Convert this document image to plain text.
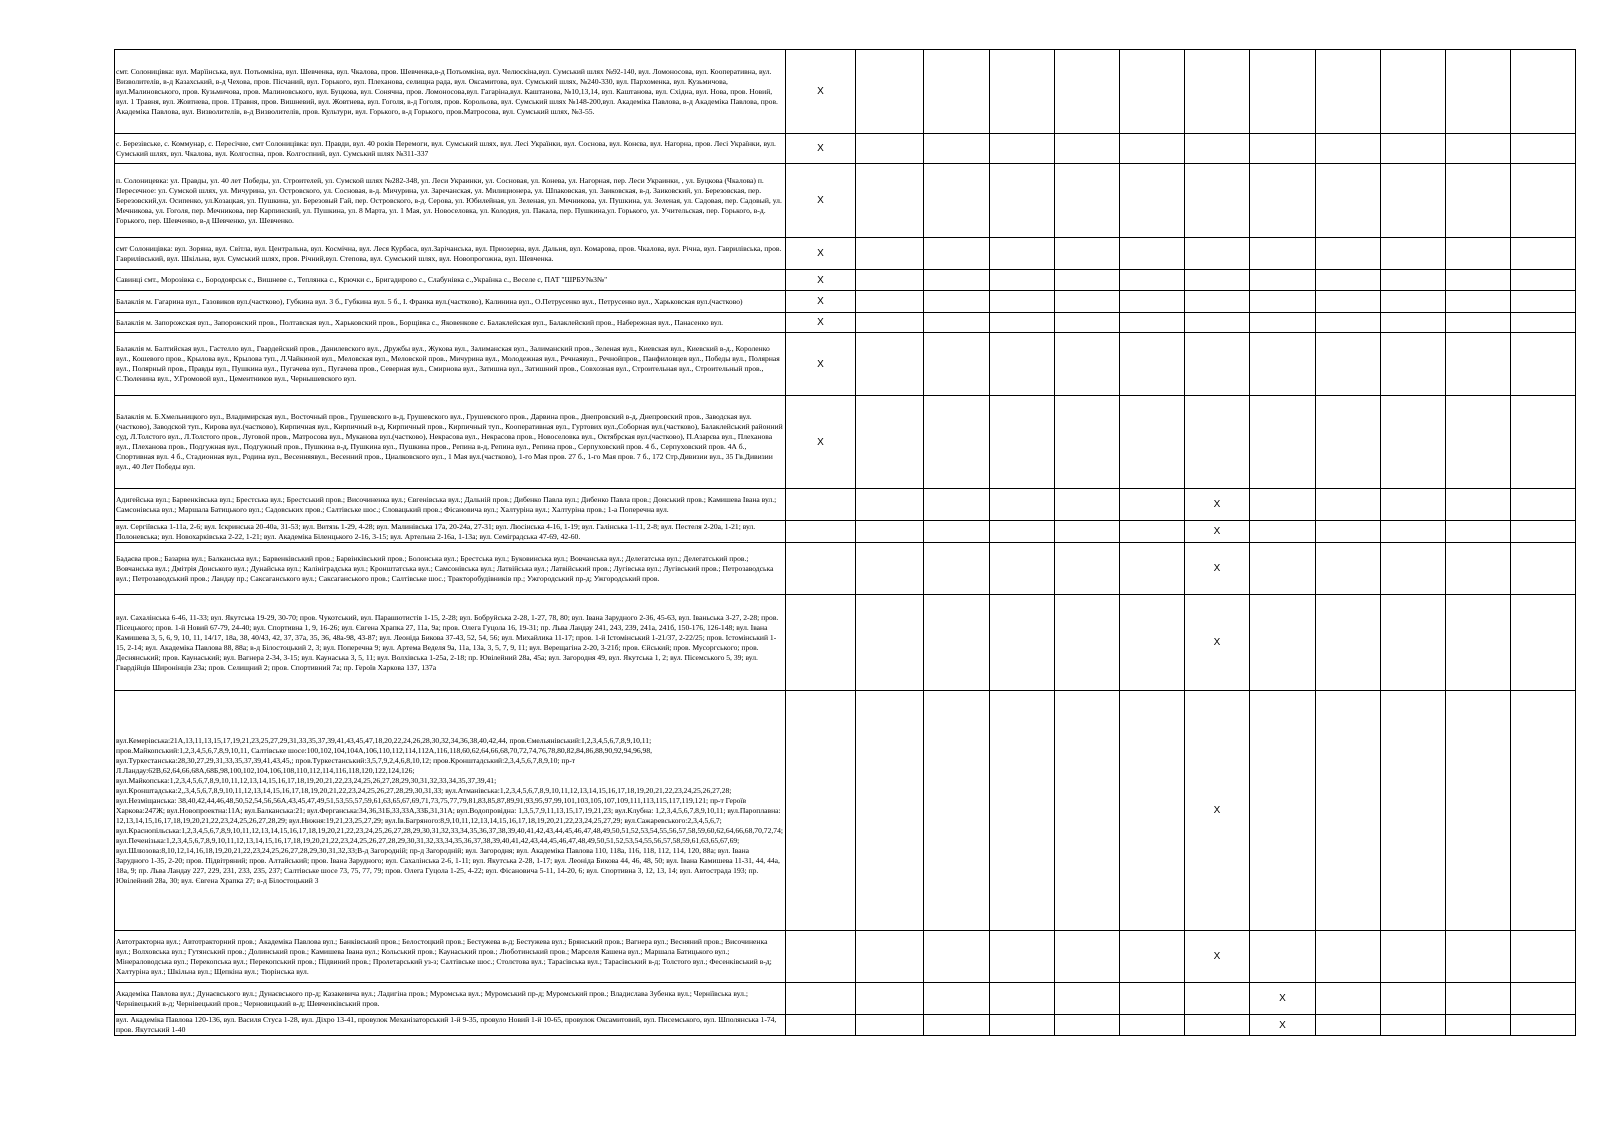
смт. Солоницівка: вул. Марїінська, вул. Потьомкіна, вул. Шевченка, вул. Чкалова, пров. Шевченка,в-д Потьомкіна, вул. Челюскіна,вул. Сумський шлях №92-140, вул. Ломоносова, вул. Кооперативна, вул. Визволителів, в-д Казахський, в-д Чехова, пров. Пісчаний, вул. Горького, вул. Плеханова, селищна рада, вул. Оксамитова, вул. Сумський шлях, №240-330, вул. Пархоменка, вул. Кузьмичова, вул.Малиновського, пров. Кузьмичова, пров. Малиновського, вул. Буцкова, вул. Сонячна, пров. Ломоносова,вул. Гагаріна,вул. Каштанова, №10,13,14, вул. Каштанова, вул. Східна, вул. Нова, пров. Новий, вул. 1 Травня, вул. Жовтнева, пров. 1Травня, пров. Вишневий, вул. Жовтнева, вул. Гоголя, в-д Гоголя, пров. Корольова, вул. Сумський шлях №148-200,вул. Академіка Павлова, в-д Академіка Павлова, пров. Академіка Павлова, вул. Визволителів, в-д Визволителів, пров. Культури, вул. Горького, в-д Горького, пров.Матросова, вул. Сумський шлях, №3-55.	X											
с. Березівське, с. Коммунар, с. Пересічне, смт Солоницівка: вул. Правди, вул. 40 років Перемоги, вул. Сумський шлях, вул. Лесі Українки, вул. Соснова, вул. Конєва, вул. Нагорна, пров. Лесі Українки, вул. Сумський шлях, вул. Чкалова, вул. Колгоспна, пров. Колгоспний, вул. Сумський шлях №311-337	X											
п. Солоницевка: ул. Правды, ул. 40 лет Победы, ул. Строителей, ул. Сумской шлях №282-348, ул. Леси Украинки, ул. Сосновая, ул. Конева, ул. Нагорная, пер. Леси Украинки, , ул. Буцкова (Чкалова) п. Пересечное: ул. Сумской шлях, ул. Мичурина, ул. Островского, ул. Сосновая, в-д. Мичурина, ул. Заречанская, ул. Милиционера, ул. Шпаковская, ул. Заиковская, в-д. Заиковский, ул. Березовская, пер. Березовский,ул. Осипенко, ул.Козацкая, ул. Пушкина, ул. Березовый Гай, пер. Островского, в-д. Серова, ул. Юбилейная, ул. Зеленая, ул. Мечникова, ул. Пушкина, ул. Зеленая, ул. Садовая, пер. Садовый, ул. Мечникова, ул. Гоголя, пер. Мечникова, пер Карпинский, ул. Пушкина, ул. 8 Марта, ул. 1 Мая, ул. Новоселовка, ул. Колодия, ул. Пакала, пер. Пушкина,ул. Горького, ул. Учительская, пер. Горького, в-д. Горького, пер. Шевченко, в-д Шевченко, ул. Шевченко.	X											
смт Солоницівка: вул. Зоряна, вул. Світла, вул. Центральна, вул. Космічна, вул. Леся Курбаса, вул.Зарічанська, вул. Приозерна, вул. Дальня, вул. Комарова, пров. Чкалова, вул. Річна, вул. Гаврилівська, пров. Гаврилівський, вул. Шкільна, вул. Сумський шлях, пров. Річний,вул. Степова, вул. Сумський шлях, вул. Новопрогожна, вул. Шевченка.	X											
Савинці смт., Морозівка с., Бородоярськ с., Вишневе с., Теплянка с., Крючки с., Бригадирово с., Слабунівка с.,Українка с., Веселе с, ПАТ "ШРБУ№3№"	X											
Балаклія м. Гагарина вул., Газовиков вул.(частково), Губкина вул. 3 б., Губкина вул. 5 б., І. Франка вул.(частково), Калинина вул., О.Петрусенко вул., Петрусенко вул., Харьковская вул.(частково)	X											
Балаклія м. Запорожская вул., Запорожский пров., Полтавская вул., Харьковский пров., Борщівка с., Яковенкове с. Балаклейская вул., Балаклейский пров., Набережная вул., Панасенко вул.	X											
Балаклія м. Балтийская вул., Гастелло вул., Гвардейский пров., Данилевского вул., Дружбы вул., Жукова вул., Залиманская вул., Залиманский пров., Зеленая вул., Киевская вул., Киевский в-д., Короленко вул., Кошевого пров., Крылова вул., Крылова туп., Л.Чайкиной вул., Меловская вул., Меловской пров., Мичурина вул., Молодежная вул., Речнаявул., Речнойпров., Панфиловцев вул., Победы вул., Полярная вул., Полярный пров., Правды вул., Пушкина вул., Пугачева вул., Пугачева пров., Северная вул., Смирнова вул., Затишна вул., Затишний пров., Совхозная вул., Строительная вул., Строительный пров., С.Тюленина вул., У.Громовой вул., Цементников вул., Чернышевского вул.	X											
Балаклія м. Б.Хмельницкого вул., Владимирская вул., Восточный пров., Грушевского в-д, Грушевского вул., Грушевского пров., Дарвина пров., Днепровский в-д, Днепровский пров., Заводская вул.(частково), Заводской туп., Кирова вул.(частково), Кирпичная вул., Кирпичный в-д, Кирпичный пров., Кирпичный туп., Кооперативная вул., Гуртових вул.,Соборная вул.(частково), Балаклейський районний суд, Л.Толстого вул., Л.Толстого пров., Луговой пров., Матросова вул., Муканова вул.(частково), Некрасова вул., Некрасова пров., Новоселовка вул., Октябрская вул.(частково), П.Азарєва вул., Плеханова вул., Плеханова пров., Подгужная вул., Подгужный пров., Пушкина в-д, Пушкина вул., Пушкина пров., Репина в-д, Репина вул., Репина пров., Серпуховский пров. 4 б., Серпуховский пров. 4А б., Спортивная вул. 4 б., Стадионная вул., Родина вул., Весенняявул., Весенний пров., Циалковского вул., 1 Мая вул.(частково), 1-го Мая пров. 27 б., 1-го Мая пров. 7 б., 172 Стр.Дивизии вул., 35 Гв.Дивизии вул., 40 Лет Победы вул.	X											
Адигейська вул.; Барвенківська вул.; Брестська вул.; Брестський пров.; Височиненка вул.; Євгенівська вул.; Дальній пров.; Дибенко Павла вул.; Дибенко Павла пров.; Донський пров.; Камишева Івана вул.; Самсонівська вул.; Маршала Батицького вул.; Садовських пров.; Салтівське шос.; Словацький пров.; Фісановича вул.; Халтуріна вул.; Халтуріна пров.; 1-а Поперечна вул.							X					
вул. Сергіївська 1-11а, 2-6; вул. Іскринська 20-40а, 31-53; вул. Витязь 1-29, 4-28; вул. Малинівська 17а, 20-24а, 27-31; вул. Люсінська 4-16, 1-19; вул. Галінська 1-11, 2-8; вул. Пестеля 2-20а, 1-21; вул. Полоневська; вул. Новохарківська 2-22, 1-21; вул. Академіка Біленцького 2-16, 3-15; вул. Артельна 2-16а, 1-13а; вул. Семіградська 47-69, 42-60.							X					
Бадаєва пров.; Базарна вул.; Балканська вул.; Барвенківський пров.; Барвінківський пров.; Болонська вул.; Брестська вул.; Буковинська вул.; Вовчанська вул.; Делегатська вул.; Делегатський пров.; Вовчанська вул.; Дмітрія Донського вул.; Дунайська вул.; Калініградська вул.; Кронштатська вул.; Самсонівська вул.; Латвійська вул.; Латвійський пров.; Лугівська вул.; Лугівський пров.; Петрозаводська вул.; Петрозаводський пров.; Ландау пр.; Саксаганського вул.; Саксаганського пров.; Салтівське шос.; Тракторобудівників пр.; Ужгородський пр-д; Ужгородський пров.							X					
вул. Сахалінська 6-46, 11-33; вул. Якутська 19-29, 30-70; пров. Чукотський, вул. Парашютистів 1-15, 2-28; вул. Бобруйська 2-28, 1-27, 78, 80; вул. Івана Зарудного 2-36, 45-63, вул. Іваньська 3-27, 2-28; пров. Пісецького; пров. 1-й Новий 67-79, 24-40; вул. Спортивна 1, 9, 16-26; вул. Євгена Храпка 27, 11а, 9а; пров. Олега Гуцола 16, 19-31; пр. Льва Ландау 241, 243, 239, 241а, 241б, 150-176, 126-148; вул. Івана Камишева 3, 5, 6, 9, 10, 11, 14/17, 18а, 38, 40/43, 42, 37, 37а, 35, 36, 48а-98, 43-87; вул. Леоніда Бикова 37-43, 52, 54, 56; вул. Михайлика 11-17; пров. 1-й Істомінський 1-21/37, 2-22/25; пров. Істомінський 1-15, 2-14; вул. Академіка Павлова 88, 88а; в-д Білостоцький 2, 3; вул. Поперечна 9; вул. Артема Веделя 9а, 11а, 13а, 3, 5, 7, 9, 11; вул. Верещагіна 2-20, 3-21б; пров. Єйський; пров. Мусоргського; пров. Деснянський; пров. Каунаський; вул. Вагнера 2-34, 3-15; вул. Каунаська 3, 5, 11; вул. Волхівська 1-25а, 2-18; пр. Ювілейний 28а, 45а; вул. Загородня 49, вул. Якутська 1, 2; вул. Пісемського 5, 39; вул. Гвардійців Широнінців 23а; пров. Селищний 2; пров. Спортивний 7а; пр. Героїв Харкова 137, 137а							X					
вул.Кемерівська:21А,13,11,13,15,17,19,21,23,25,27,29,31,33,35,37,39,41,43,45,47,18,20,22,24,26,28,30,32,34,36,38,40,42,44, пров.Ємельянівський:1,2,3,4,5,6,7,8,9,10,11; пров.Майкопський:1,2,3,4,5,6,7,8,9,10,11, Салтівське шосе:100,102,104,104А,106,110,112,114,112А,116,118,60,62,64,66,68,70,72,74,76,78,80,82,84,86,88,90,92,94,96,98, вул.Туркестанська:28,30,27,29,31,33,35,37,39,41,43,45,; пров.Туркестанський:3,5,7,9,2,4,6,8,10,12; пров.Кронштадський:2,3,4,5,6,7,8,9,10; пр-т Л.Ландау:62В,62,64,66,68А,68Б,98,100,102,104,106,108,110,112,114,116,118,120,122,124,126; вул.Майкопська:1,2,3,4,5,6,7,8,9,10,11,12,13,14,15,16,17,18,19,20,21,22,23,24,25,26,27,28,29,30,31,32,33,34,35,37,39,41; вул.Кронштадська:2,,3,4,5,6,7,8,9,10,11,12,13,14,15,16,17,18,19,20,21,22,23,24,25,26,27,28,29,30,31,33; вул.Атманівська:1,2,3,4,5,6,7,8,9,10,11,12,13,14,15,16,17,18,19,20,21,22,23,24,25,26,27,28; вул.Незміщанська: 38,40,42,44,46,48,50,52,54,56,56А,43,45,47,49,51,53,55,57,59,61,63,65,67,69,71,73,75,77,79,81,83,85,87,89,91,93,95,97,99,101,103,105,107,109,111,113,115,117,119,121; пр-т Героїв Харкова:247Ж; вул.Новопроектна:11А; вул.Балканська:21; вул.Ферганська:34,36,31Б,33,33А,33Б,31,31А; вул.Водопровідна: 1,3,5,7,9,11,13,15,17,19,21,23; вул.Клубна: 1,2,3,4,5,6,7,8,9,10,11; вул.Пароплавна: 12,13,14,15,16,17,18,19,20,21,22,23,24,25,26,27,28,29; вул.Нижня:19,21,23,25,27,29; вул.Ів.Багряного:8,9,10,11,12,13,14,15,16,17,18,19,20,21,22,23,24,25,27,29; вул.Сажаревського:2,3,4,5,6,7; вул.Краснопільська:1,2,3,4,5,6,7,8,9,10,11,12,13,14,15,16,17,18,19,20,21,22,23,24,25,26,27,28,29,30,31,32,33,34,35,36,37,38,39,40,41,42,43,44,45,46,47,48,49,50,51,52,53,54,55,56,57,58,59,60,62,64,66,68,70,72,74; вул.Печенізька:1,2,3,4,5,6,7,8,9,10,11,12,13,14,15,16,17,18,19,20,21,22,23,24,25,26,27,28,29,30,31,32,33,34,35,36,37,38,39,40,41,42,43,44,45,46,47,48,49,50,51,52,53,54,55,56,57,58,59,61,63,65,67,69; вул.Шлюзова:8,10,12,14,16,18,19,20,21,22,23,24,25,26,27,28,29,30,31,32,33;В-д Загородній; пр-д Загородній; вул. Загородня; вул. Академіка Павлова 110, 118а, 116, 118, 112, 114, 120, 88а; вул. Івана Зарудного 1-35, 2-20; пров. Підвітряний; пров. Алтайський; пров. Івана Зарудного; вул. Сахалінська 2-6, 1-11; вул. Якутська 2-28, 1-17; вул. Леоніда Бикова 44, 46, 48, 50; вул. Івана Камишева 11-31, 44, 44а, 18а, 9; пр. Льва Ландау 227, 229, 231, 233, 235, 237; Салтівське шосе 73, 75, 77, 79; пров. Олега Гуцола 1-25, 4-22; вул. Фісановича 5-11, 14-20, 6; вул. Спортивна 3, 12, 13, 14; вул. Автострада 193; пр. Ювілейний 28а, 30; вул. Євгена Храпка 27; в-д Білостоцький 3							X					
Автотракторна вул.; Автотракторний пров.; Академіка Павлова вул.; Банківський пров.; Белостоцкий пров.; Бестужева в-д; Бестужева вул.; Брянський пров.; Вагнера вул.; Весняний пров.; Височиненка вул.; Волховська вул.; Гутянський пров.; Долинський пров.; Камишева Івана вул.; Кольський пров.; Каунаський пров.; Люботинський пров.; Марселя Кашена вул.; Маршала Батицького вул.; Мінераловодська вул.; Перекопська вул.; Перекопський пров.; Підвиний пров.; Пролетарський уз-з; Салтівське шос.; Столєтова вул.; Тарасівська вул.; Тарасівський в-д; Толстого вул.; Фесенківський в-д; Халтуріна вул.; Шкільна вул.; Щепкіна вул.; Тюрінська вул.							X					
Академіка Павлова вул.; Дунаєвського вул.; Дунаєвського пр-д; Казакевича вул.; Ладигіна пров.; Муромська вул.; Муромський пр-д; Муромський пров.; Владислава Зубенка вул.; Черніївська вул.; Чернівецький в-д; Чернівецький пров.; Черновицький в-д; Шевченківський пров.								X				
вул. Академіка Павлова 120-136, вул. Василя Стуса 1-28, вул. Діхро 13-41, провулок Механізаторський 1-й 9-35, провуло Новий 1-й 10-65, провулок Оксамитовий, вул. Писемського, вул. Шполянська 1-74, пров. Якутський 1-40								X				
